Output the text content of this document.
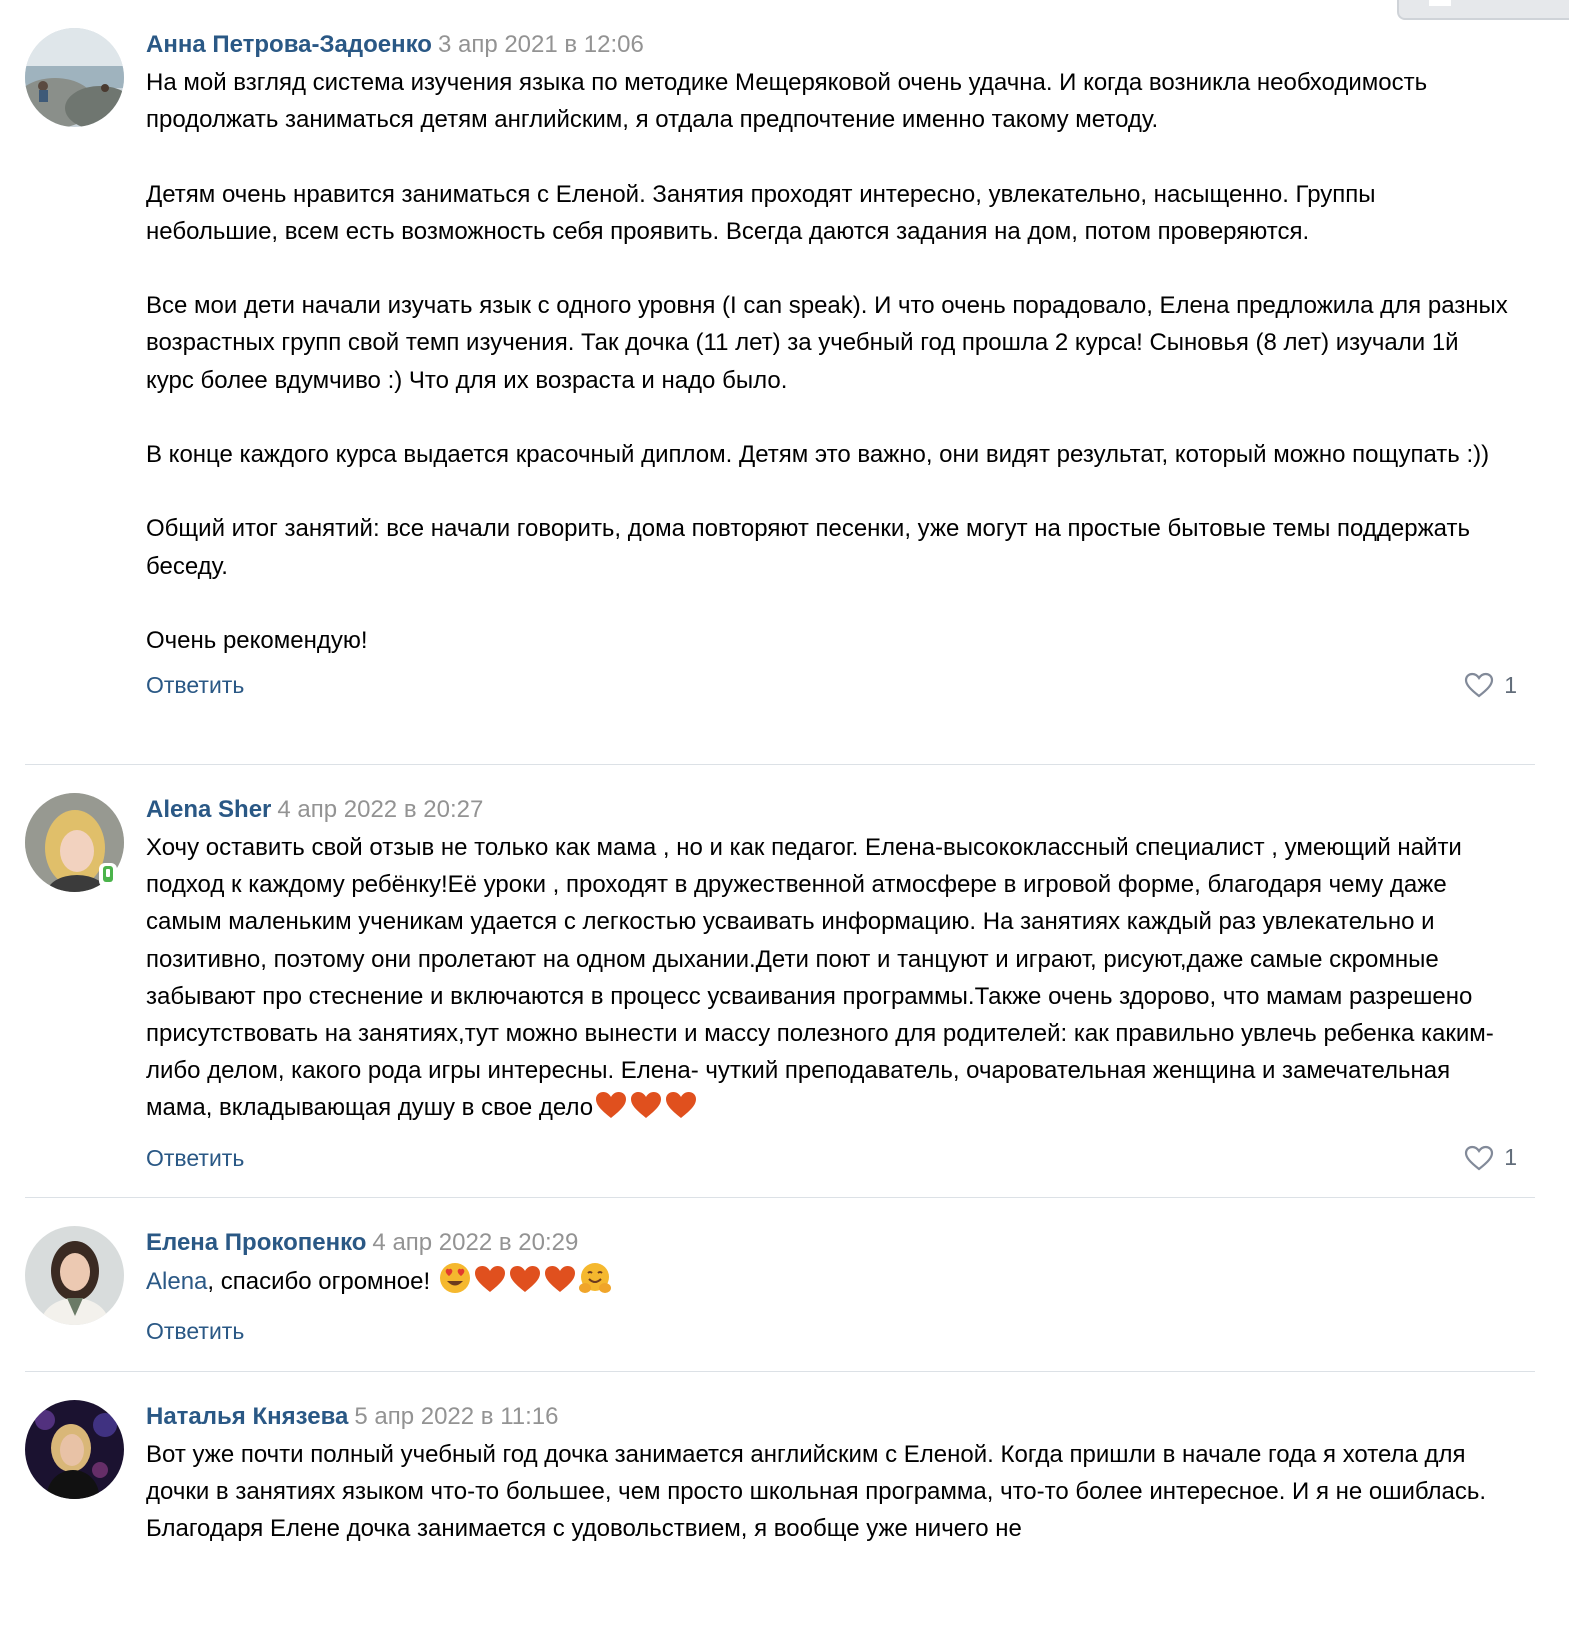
Анна Петрова-Задоенко 3 апр 2021 в 12:06
На мой взгляд система изучения языка по методике Мещеряковой очень удачна. И когда возникла необходимость продолжать заниматься детям английским, я отдала предпочтение именно такому методу.

Детям очень нравится заниматься с Еленой. Занятия проходят интересно, увлекательно, насыщенно. Группы небольшие, всем есть возможность себя проявить. Всегда даются задания на дом, потом проверяются.

Все мои дети начали изучать язык с одного уровня (I can speak). И что очень порадовало, Елена предложила для разных возрастных групп свой темп изучения. Так дочка (11 лет) за учебный год прошла 2 курса! Сыновья (8 лет) изучали 1й курс более вдумчиво :) Что для их возраста и надо было.

В конце каждого курса выдается красочный диплом. Детям это важно, они видят результат, который можно пощупать :))

Общий итог занятий: все начали говорить, дома повторяют песенки, уже могут на простые бытовые темы поддержать беседу.

Очень рекомендую!
Ответить	1
Alena Sher 4 апр 2022 в 20:27
Хочу оставить свой отзыв не только как мама , но и как педагог. Елена-высококлассный специалист , умеющий найти подход к каждому ребёнку!Её уроки , проходят в дружественной атмосфере в игровой форме, благодаря чему даже самым маленьким ученикам удается с легкостью усваивать информацию. На занятиях каждый раз увлекательно и позитивно, поэтому они пролетают на одном дыхании.Дети поют и танцуют и играют, рисуют,даже самые скромные забывают про стеснение и включаются в процесс усваивания программы.Также очень здорово, что мамам разрешено присутствовать на занятиях,тут можно вынести и массу полезного для родителей: как правильно увлечь ребенка каким-либо делом, какого рода игры интересны. Елена- чуткий преподаватель, очаровательная женщина и замечательная мама, вкладывающая душу в свое дело
Ответить	1
Елена Прокопенко 4 апр 2022 в 20:29
Alena, спасибо огромное!
Ответить
Наталья Князева 5 апр 2022 в 11:16
Вот уже почти полный учебный год дочка занимается английским с Еленой. Когда пришли в начале года я хотела для дочки в занятиях языком что-то большее, чем просто школьная программа, что-то более интересное. И я не ошиблась. Благодаря Елене дочка занимается с удовольствием, я вообще уже ничего не
